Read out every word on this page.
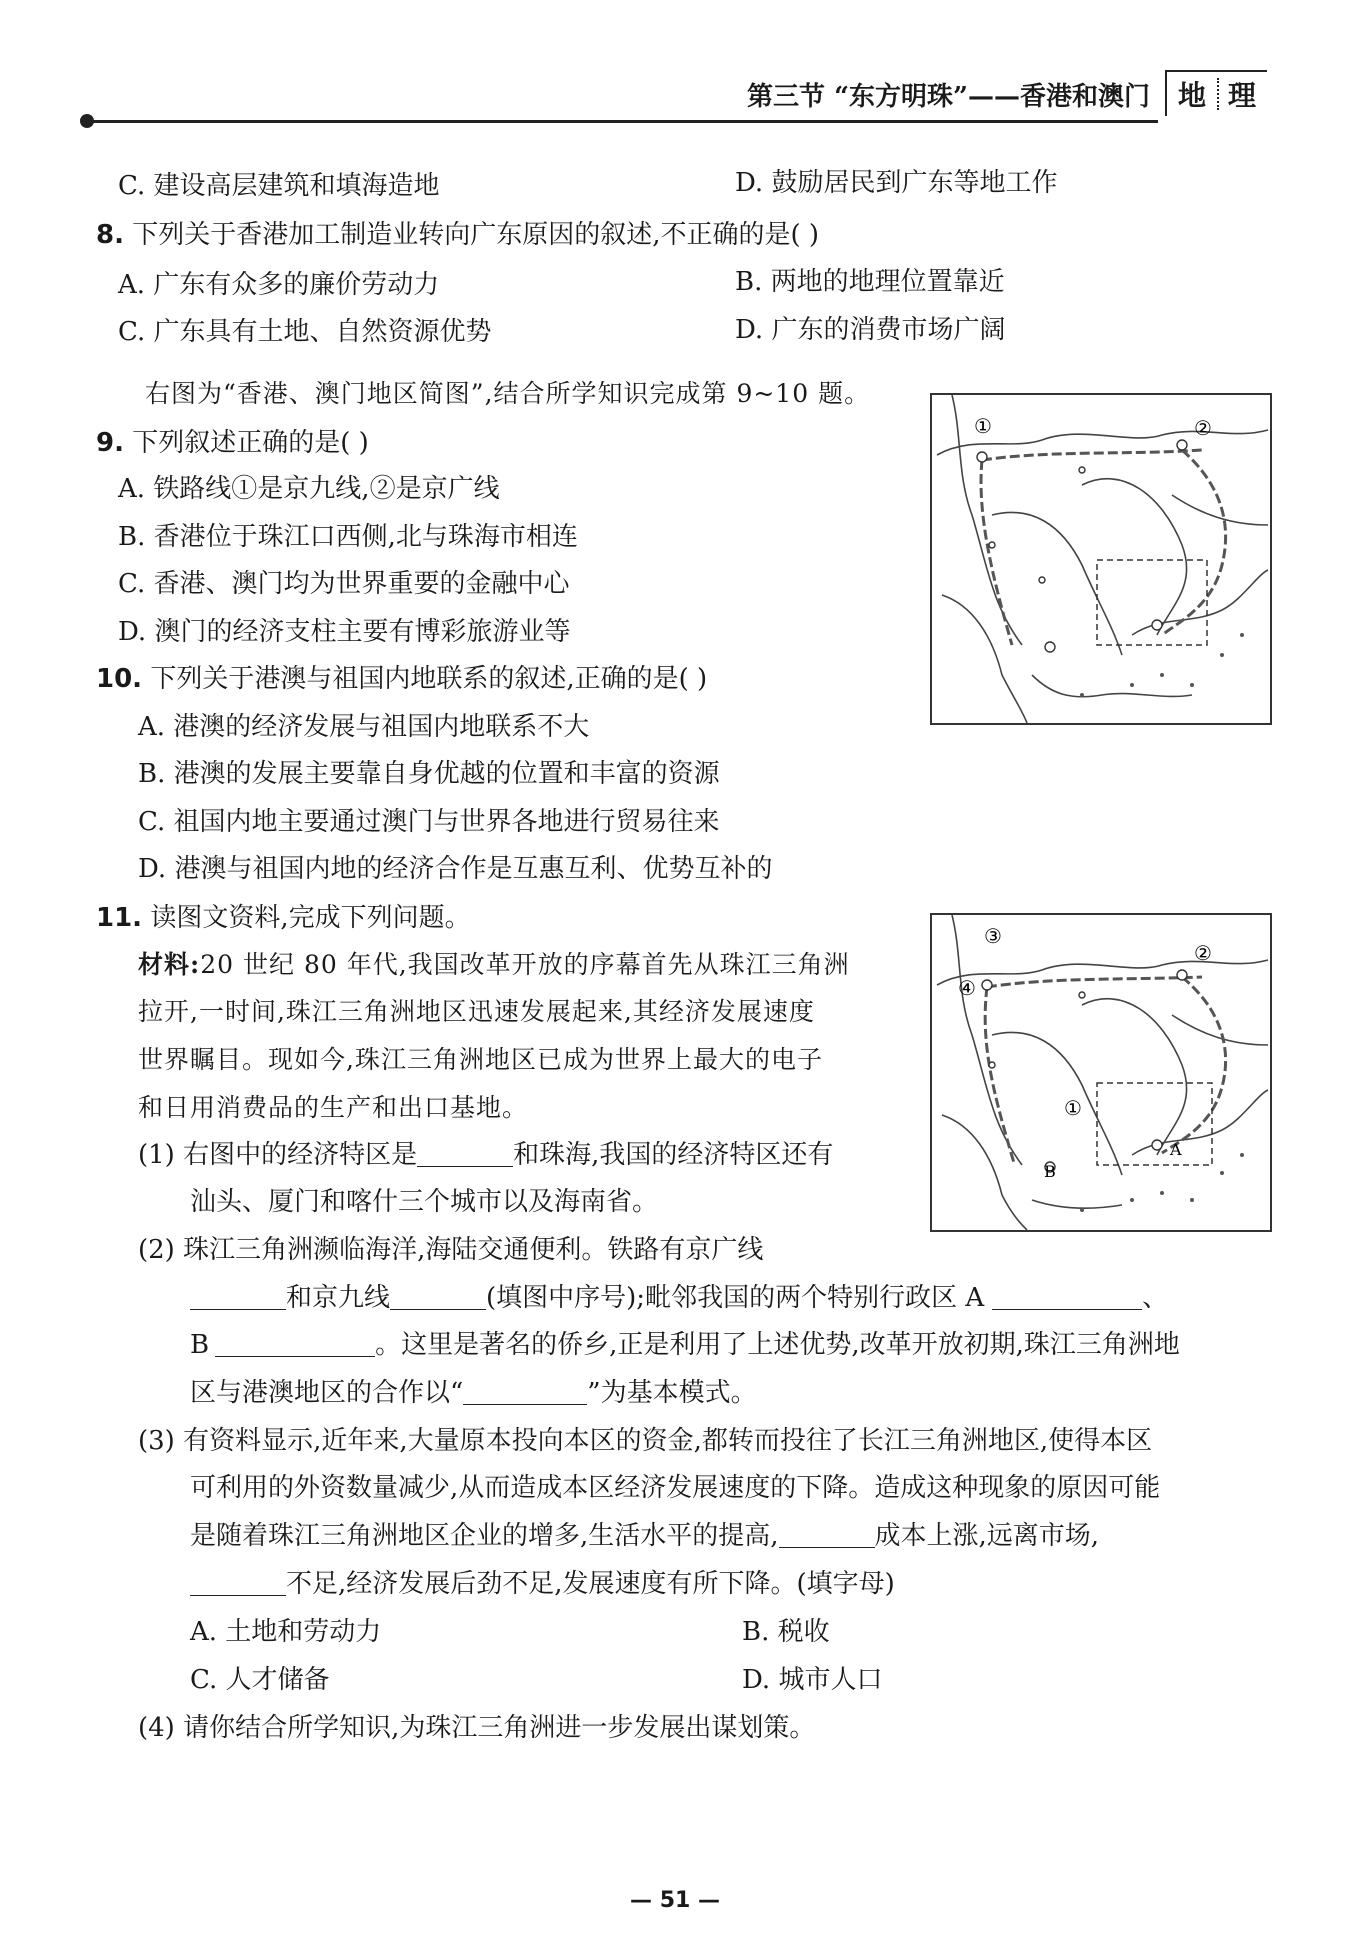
第三节 “东方明珠”——香港和澳门 地 理
C. 建设高层建筑和填海造地	D. 鼓励居民到广东等地工作
8. 下列关于香港加工制造业转向广东原因的叙述,不正确的是( )
A. 广东有众多的廉价劳动力	B. 两地的地理位置靠近
C. 广东具有土地、自然资源优势	D. 广东的消费市场广阔
右图为“香港、澳门地区简图”,结合所学知识完成第 9~10 题。
①	②
9. 下列叙述正确的是( )
A. 铁路线①是京九线,②是京广线
B. 香港位于珠江口西侧,北与珠海市相连
C. 香港、澳门均为世界重要的金融中心
D. 澳门的经济支柱主要有博彩旅游业等
10. 下列关于港澳与祖国内地联系的叙述,正确的是( )
A. 港澳的经济发展与祖国内地联系不大
B. 港澳的发展主要靠自身优越的位置和丰富的资源
C. 祖国内地主要通过澳门与世界各地进行贸易往来
D. 港澳与祖国内地的经济合作是互惠互利、优势互补的
11. 读图文资料,完成下列问题。
材料:20 世纪 80 年代,我国改革开放的序幕首先从珠江三角洲
拉开,一时间,珠江三角洲地区迅速发展起来,其经济发展速度
世界瞩目。现如今,珠江三角洲地区已成为世界上最大的电子
和日用消费品的生产和出口基地。
③
②
④
①
A
B
(1) 右图中的经济特区是	和珠海,我国的经济特区还有
汕头、厦门和喀什三个城市以及海南省。
(2) 珠江三角洲濒临海洋,海陆交通便利。铁路有京广线
和京九线	(填图中序号);毗邻我国的两个特别行政区 A	、
B	。这里是著名的侨乡,正是利用了上述优势,改革开放初期,珠江三角洲地
区与港澳地区的合作以“	”为基本模式。
(3) 有资料显示,近年来,大量原本投向本区的资金,都转而投往了长江三角洲地区,使得本区
可利用的外资数量减少,从而造成本区经济发展速度的下降。造成这种现象的原因可能
是随着珠江三角洲地区企业的增多,生活水平的提高,	成本上涨,远离市场,
不足,经济发展后劲不足,发展速度有所下降。(填字母)
A. 土地和劳动力	B. 税收
C. 人才储备	D. 城市人口
(4) 请你结合所学知识,为珠江三角洲进一步发展出谋划策。
— 51 —
